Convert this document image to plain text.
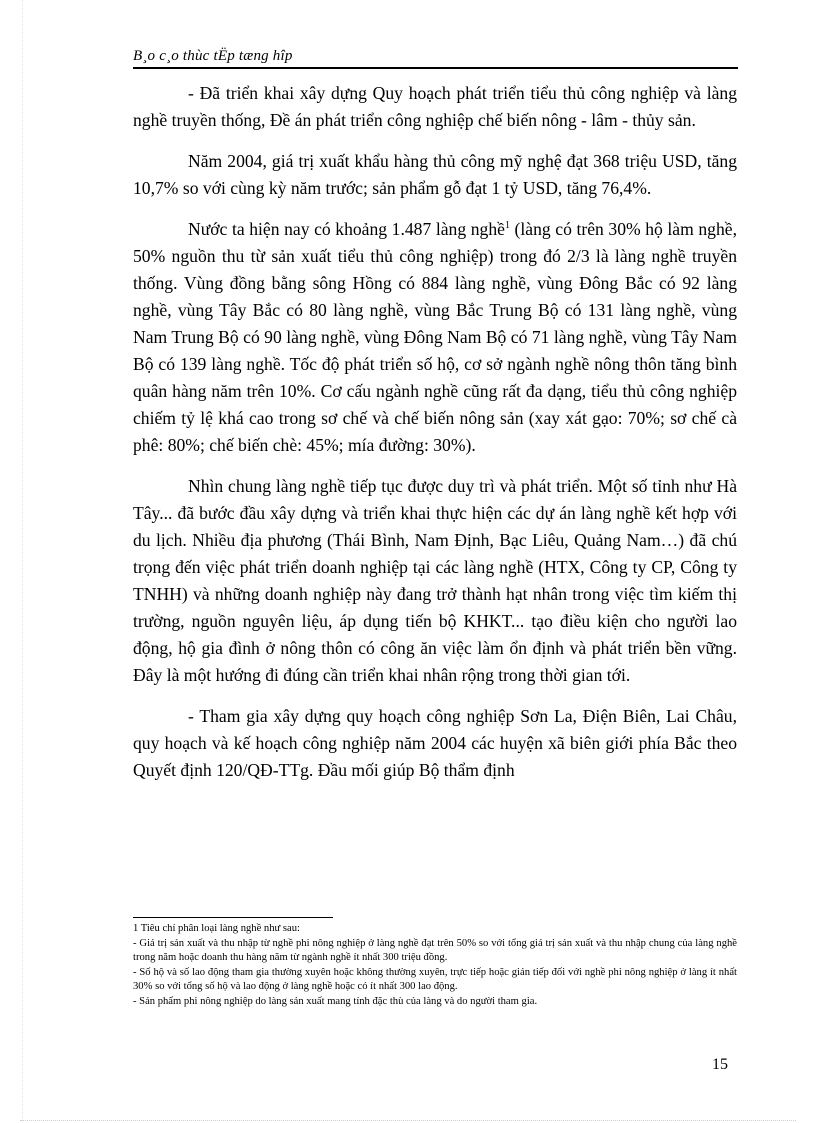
B¸o c¸o thùc tËp tæng hîp

- Đã triển khai xây dựng Quy hoạch phát triển tiểu thủ công nghiệp và làng nghề truyền thống, Đề án phát triển công nghiệp chế biến nông - lâm - thủy sản.

Năm 2004, giá trị xuất khẩu hàng thủ công mỹ nghệ đạt 368 triệu USD, tăng 10,7% so với cùng kỳ năm trước; sản phẩm gỗ đạt 1 tỷ USD, tăng 76,4%.

Nước ta hiện nay có khoảng 1.487 làng nghề$^1$ (làng có trên 30% hộ làm nghề, 50% nguồn thu từ sản xuất tiểu thủ công nghiệp) trong đó 2/3 là làng nghề truyền thống. Vùng đồng bằng sông Hồng có 884 làng nghề, vùng Đông Bắc có 92 làng nghề, vùng Tây Bắc có 80 làng nghề, vùng Bắc Trung Bộ có 131 làng nghề, vùng Nam Trung Bộ có 90 làng nghề, vùng Đông Nam Bộ có 71 làng nghề, vùng Tây Nam Bộ có 139 làng nghề. Tốc độ phát triển số hộ, cơ sở ngành nghề nông thôn tăng bình quân hàng năm trên 10%. Cơ cấu ngành nghề cũng rất đa dạng, tiểu thủ công nghiệp chiếm tỷ lệ khá cao trong sơ chế và chế biến nông sản (xay xát gạo: 70%; sơ chế cà phê: 80%; chế biến chè: 45%; mía đường: 30%).

Nhìn chung làng nghề tiếp tục được duy trì và phát triển. Một số tỉnh như Hà Tây... đã bước đầu xây dựng và triển khai thực hiện các dự án làng nghề kết hợp với du lịch. Nhiều địa phương (Thái Bình, Nam Định, Bạc Liêu, Quảng Nam…) đã chú trọng đến việc phát triển doanh nghiệp tại các làng nghề (HTX, Công ty CP, Công ty TNHH) và những doanh nghiệp này đang trở thành hạt nhân trong việc tìm kiếm thị trường, nguồn nguyên liệu, áp dụng tiến bộ KHKT... tạo điều kiện cho người lao động, hộ gia đình ở nông thôn có công ăn việc làm ổn định và phát triển bền vững. Đây là một hướng đi đúng cần triển khai nhân rộng trong thời gian tới.

- Tham gia xây dựng quy hoạch công nghiệp Sơn La, Điện Biên, Lai Châu, quy hoạch và kế hoạch công nghiệp năm 2004 các huyện xã biên giới phía Bắc theo Quyết định 120/QĐ-TTg. Đầu mối giúp Bộ thẩm định

1 Tiêu chí phân loại làng nghề như sau:
- Giá trị sản xuất và thu nhập từ nghề phi nông nghiệp ở làng nghề đạt trên 50% so với tổng giá trị sản xuất và thu nhập chung của làng nghề trong năm hoặc doanh thu hàng năm từ ngành nghề ít nhất 300 triệu đồng.
- Số hộ và số lao động tham gia thường xuyên hoặc không thường xuyên, trực tiếp hoặc gián tiếp đối với nghề phi nông nghiệp ở làng ít nhất 30% so với tổng số hộ và lao động ở làng nghề hoặc có ít nhất 300 lao động.
- Sản phẩm phi nông nghiệp do làng sản xuất mang tính đặc thù của làng và do người tham gia.
15
